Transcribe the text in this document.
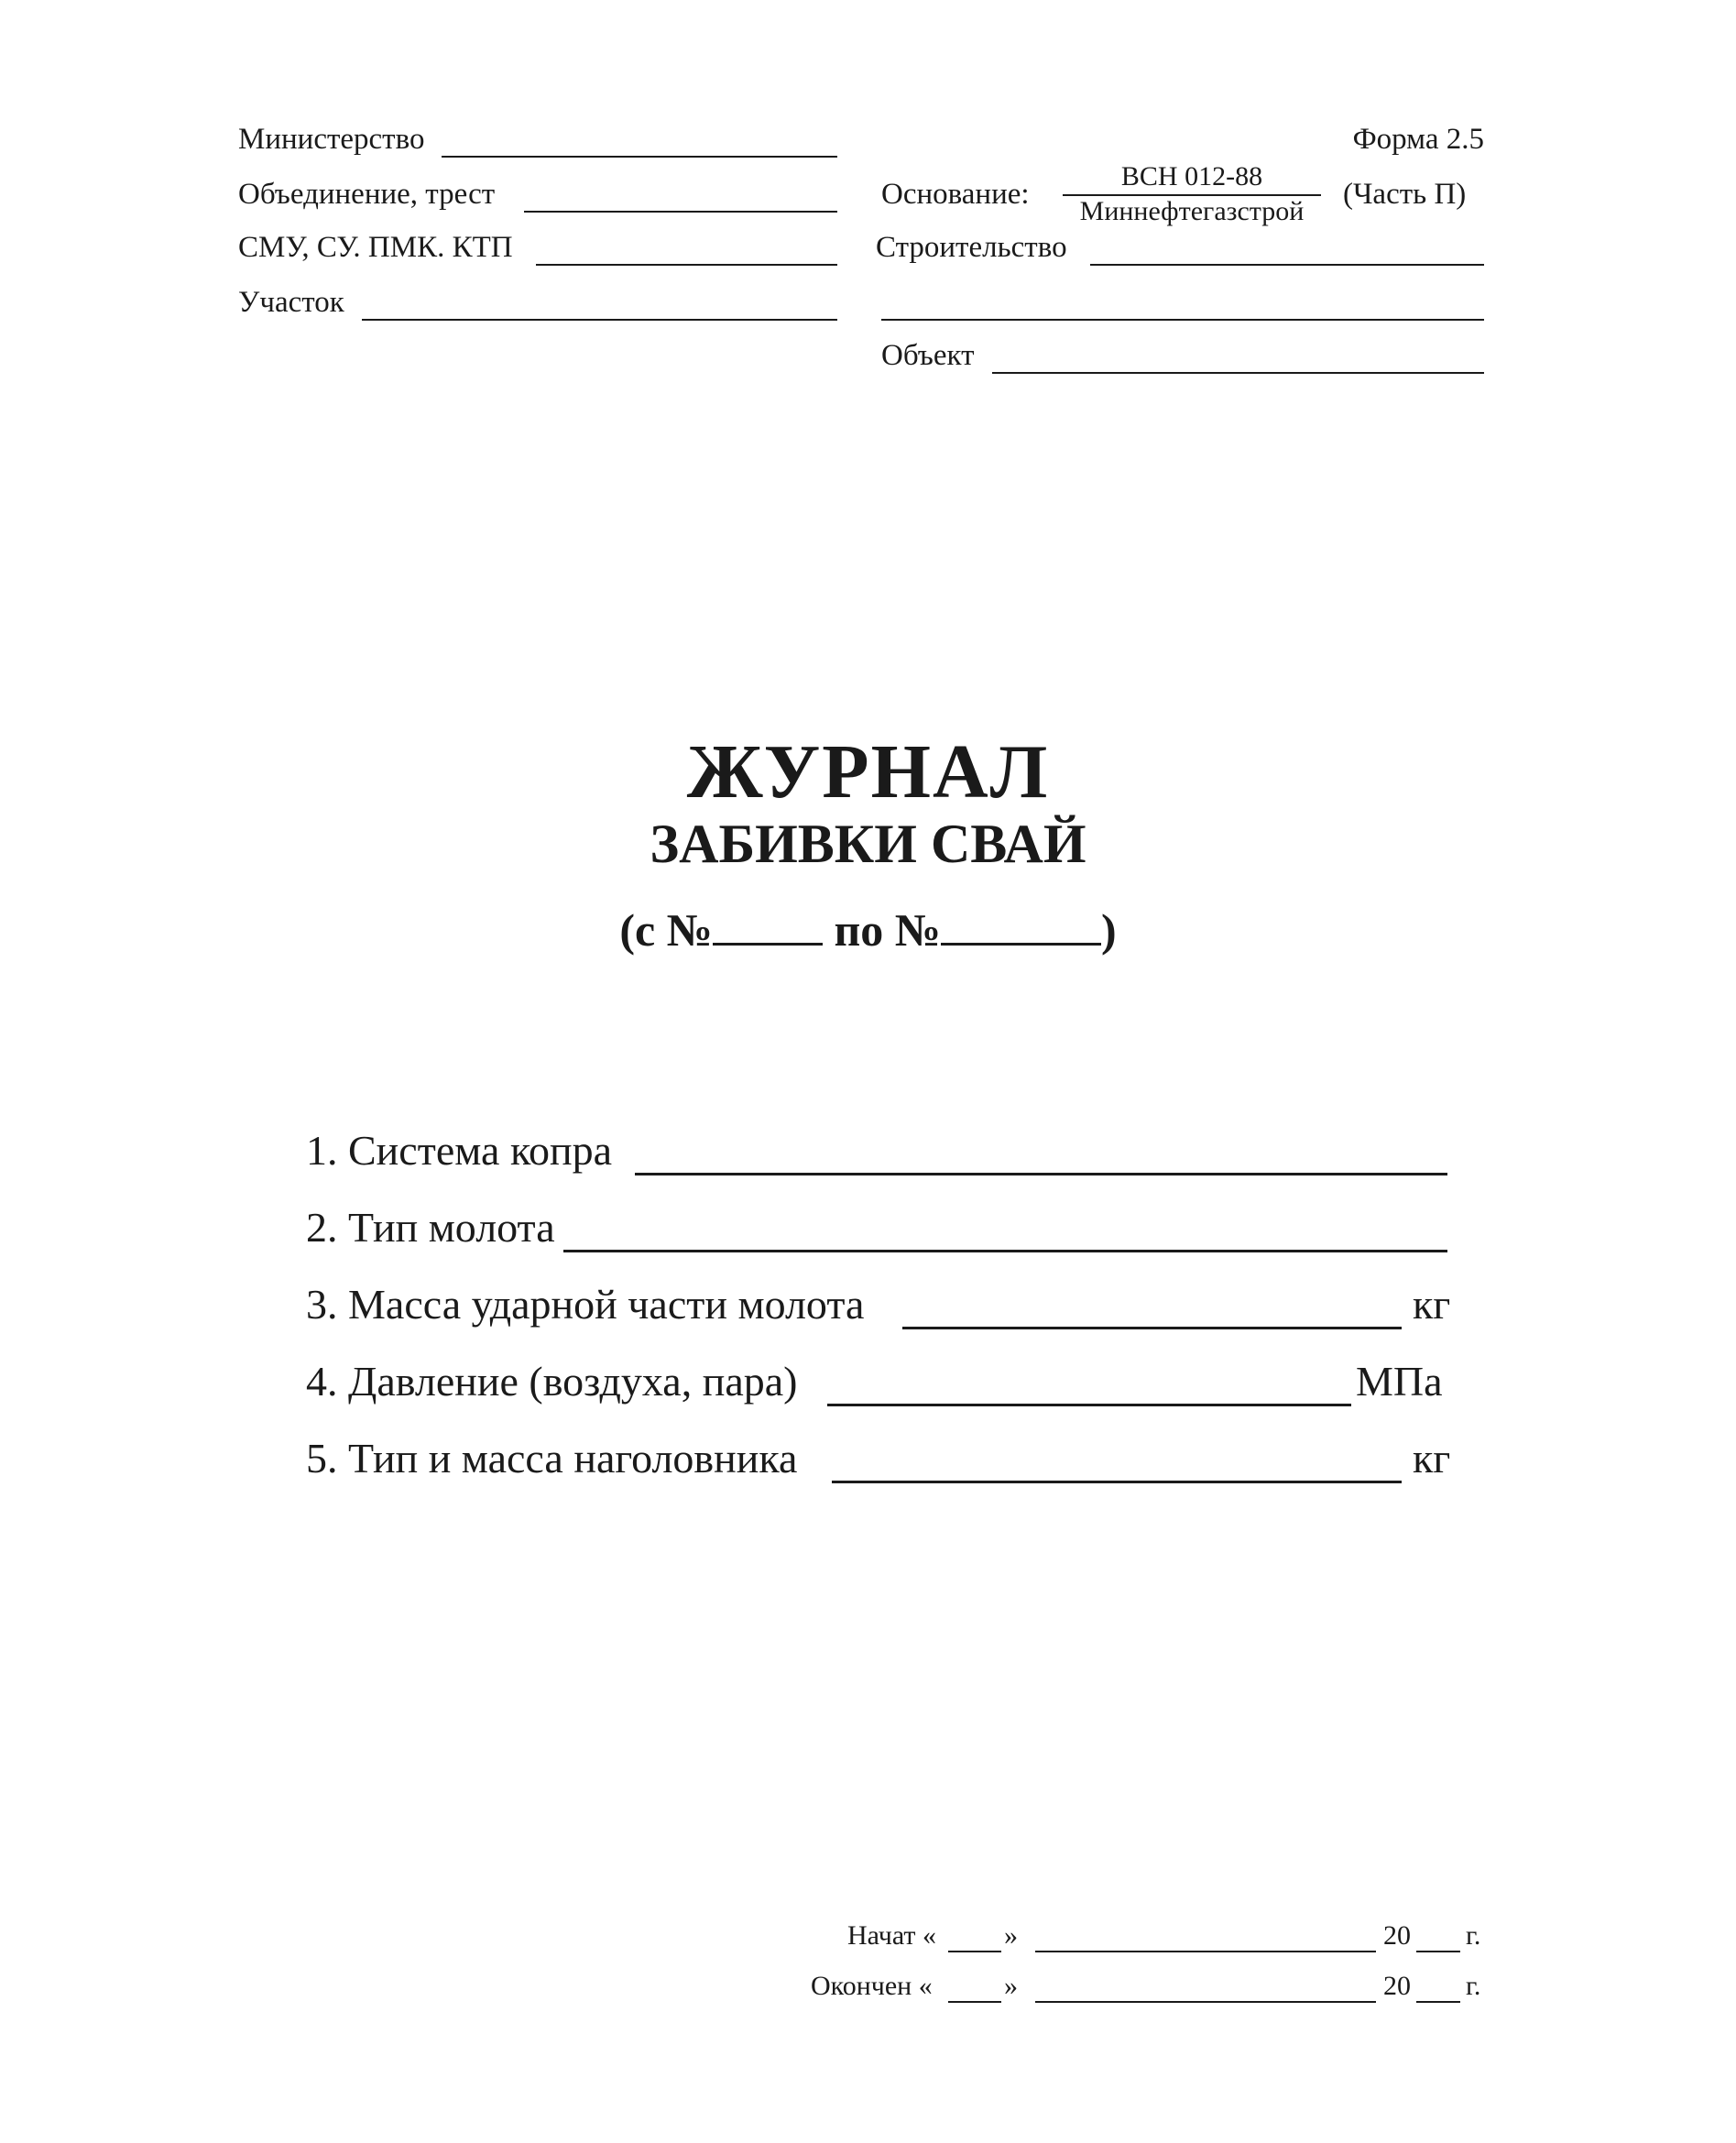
Министерство
Объединение, трест
СМУ, СУ. ПМК. КТП
Участок
Форма 2.5
Основание:
ВСН 012-88
Миннефтегазстрой
(Часть П)
Строительство
Объект
ЖУРНАЛ
ЗАБИВКИ СВАЙ
(с №	по №	)
1. Система копра
2. Тип молота
3. Масса ударной части молота	кг
4. Давление (воздуха, пара)	МПа
5. Тип и масса наголовника	кг
Начат « »	20 г.
Окончен «	»	20 г.
